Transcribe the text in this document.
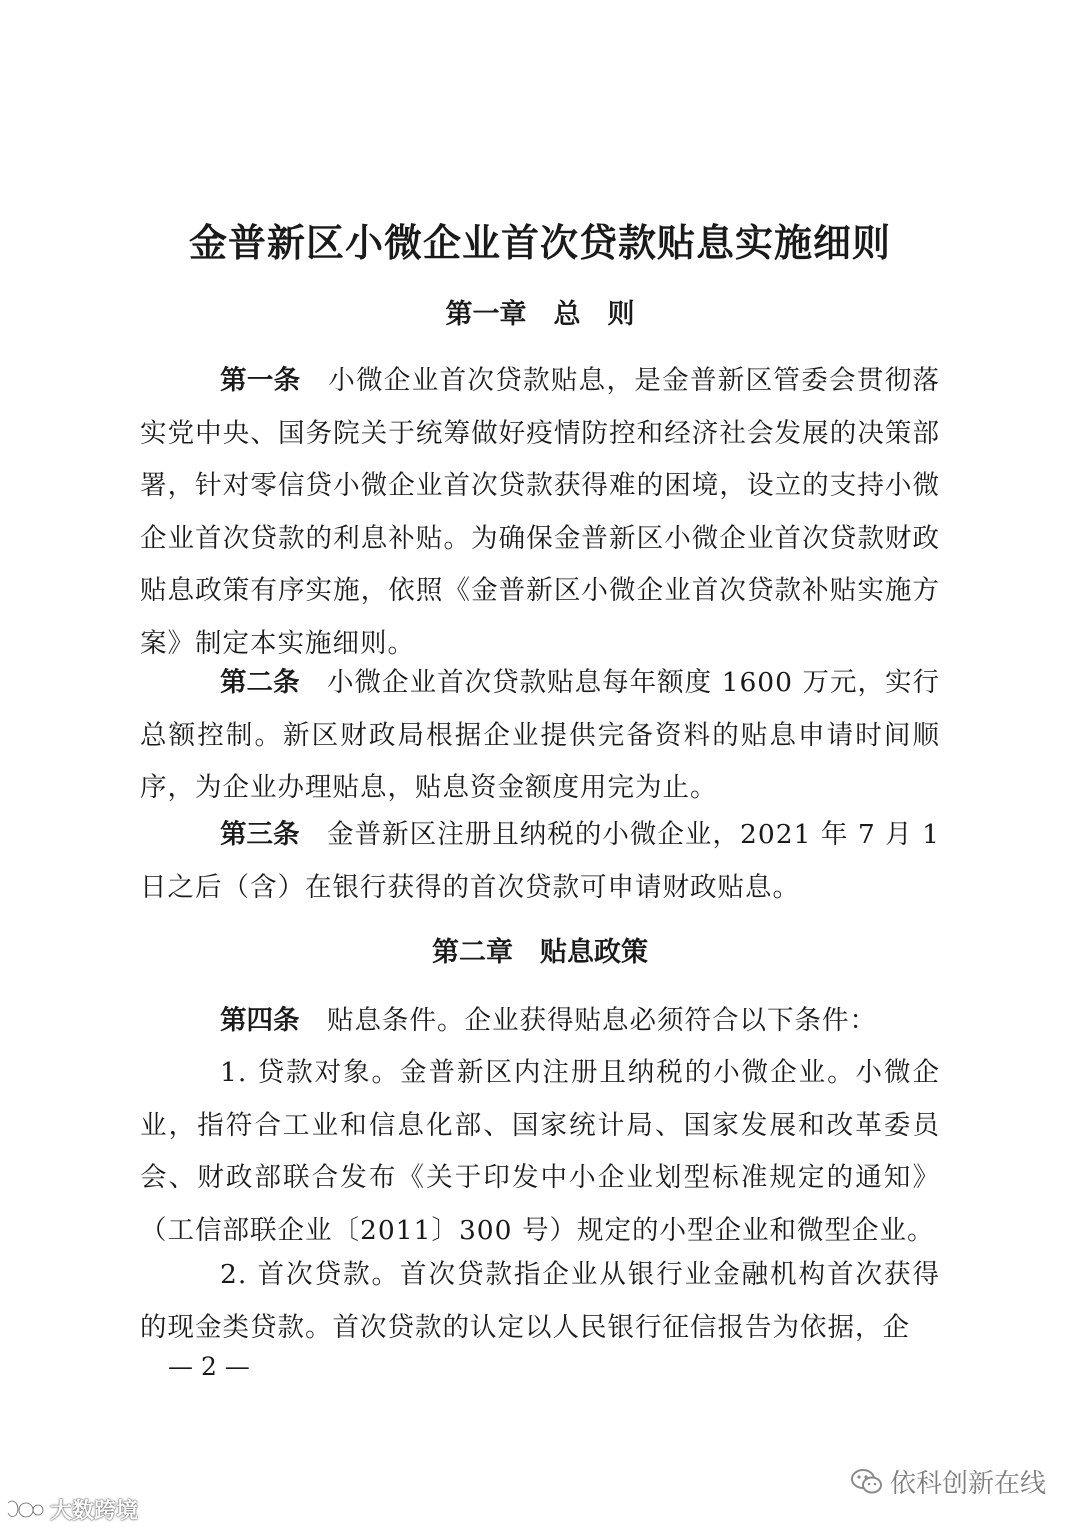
金普新区小微企业首次贷款贴息实施细则
第一章　总　则

第一条　小微企业首次贷款贴息，是金普新区管委会贯彻落实党中央、国务院关于统筹做好疫情防控和经济社会发展的决策部署，针对零信贷小微企业首次贷款获得难的困境，设立的支持小微企业首次贷款的利息补贴。为确保金普新区小微企业首次贷款财政贴息政策有序实施，依照《金普新区小微企业首次贷款补贴实施方案》制定本实施细则。

第二条　小微企业首次贷款贴息每年额度 1600 万元，实行总额控制。新区财政局根据企业提供完备资料的贴息申请时间顺序，为企业办理贴息，贴息资金额度用完为止。

第三条　金普新区注册且纳税的小微企业，2021 年 7 月 1 日之后（含）在银行获得的首次贷款可申请财政贴息。

第二章　贴息政策

第四条　贴息条件。企业获得贴息必须符合以下条件：

1. 贷款对象。金普新区内注册且纳税的小微企业。小微企业，指符合工业和信息化部、国家统计局、国家发展和改革委员会、财政部联合发布《关于印发中小企业划型标准规定的通知》（工信部联企业〔2011〕300 号）规定的小型企业和微型企业。

2. 首次贷款。首次贷款指企业从银行业金融机构首次获得的现金类贷款。首次贷款的认定以人民银行征信报告为依据，企

— 2 —
依科创新在线
大数跨境
